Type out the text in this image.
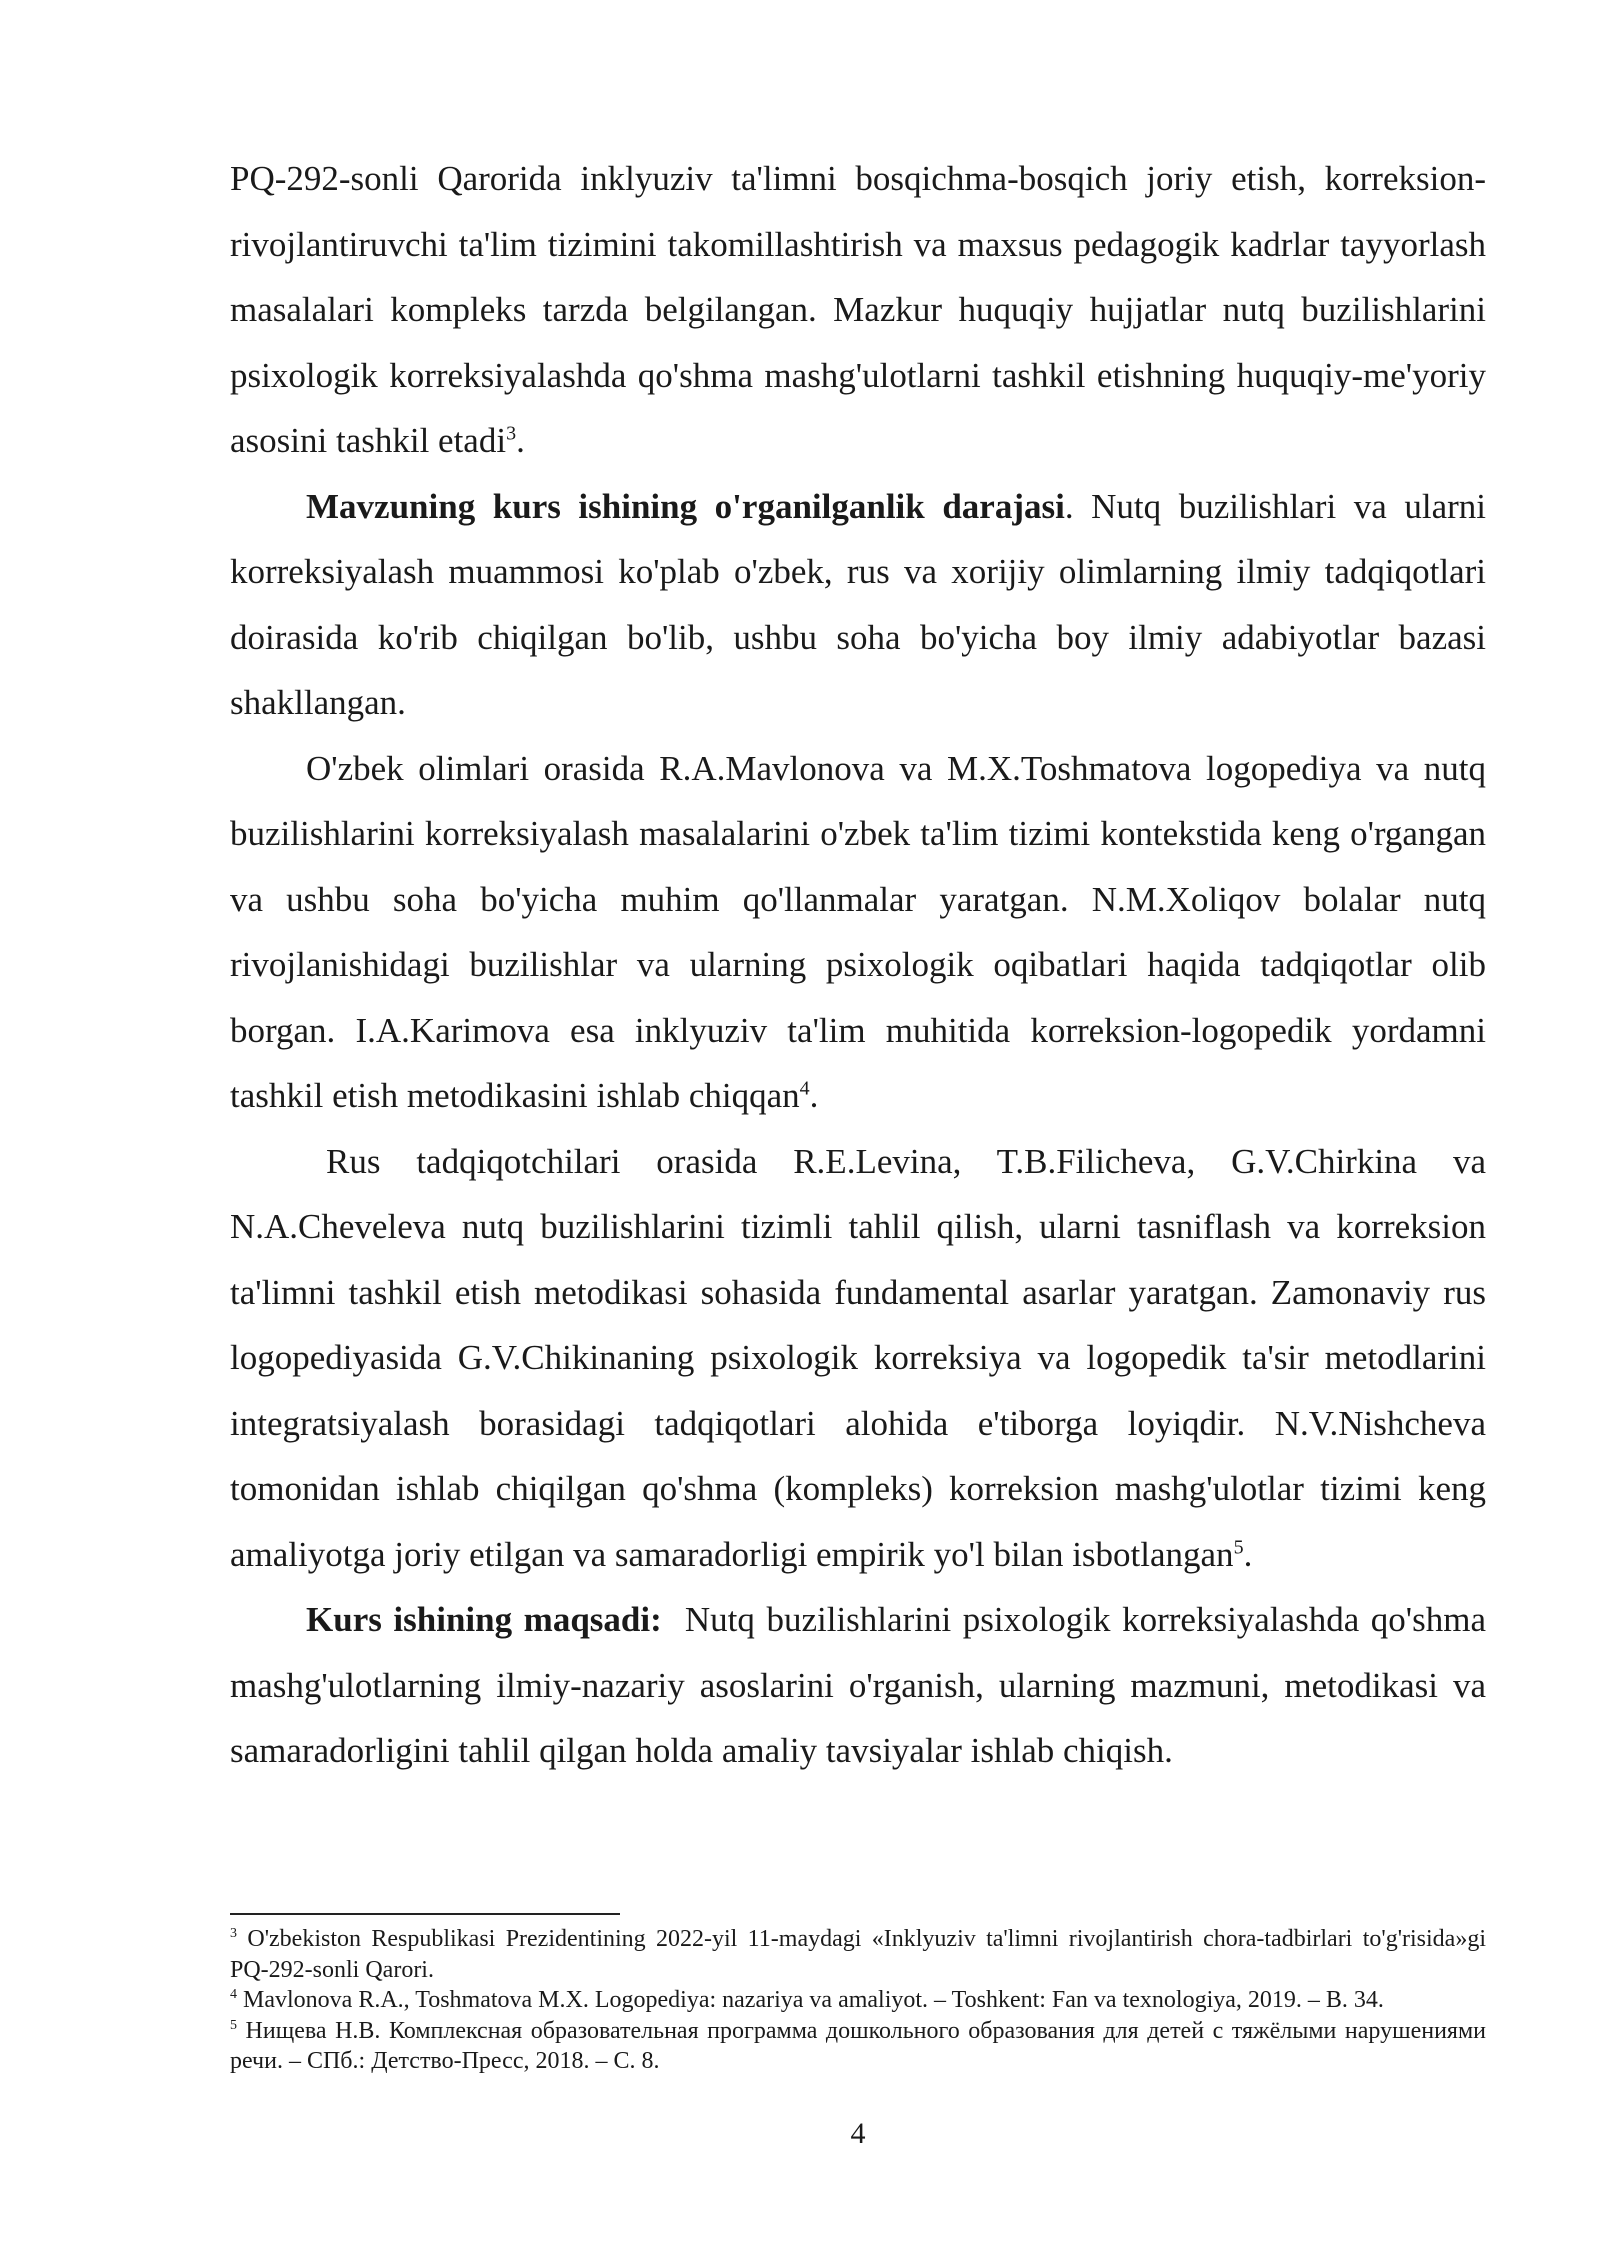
PQ-292-sonli Qarorida inklyuziv ta'limni bosqichma-bosqich joriy etish, korreksion-rivojlantiruvchi ta'lim tizimini takomillashtirish va maxsus pedagogik kadrlar tayyorlash masalalari kompleks tarzda belgilangan. Mazkur huquqiy hujjatlar nutq buzilishlarini psixologik korreksiyalashda qo'shma mashg'ulotlarni tashkil etishning huquqiy-me'yoriy asosini tashkil etadi$^3$.

Mavzuning kurs ishining o'rganilganlik darajasi. Nutq buzilishlari va ularni korreksiyalash muammosi ko'plab o'zbek, rus va xorijiy olimlarning ilmiy tadqiqotlari doirasida ko'rib chiqilgan bo'lib, ushbu soha bo'yicha boy ilmiy adabiyotlar bazasi shakllangan.

O'zbek olimlari orasida R.A.Mavlonova va M.X.Toshmatova logopediya va nutq buzilishlarini korreksiyalash masalalarini o'zbek ta'lim tizimi kontekstida keng o'rgangan va ushbu soha bo'yicha muhim qo'llanmalar yaratgan. N.M.Xoliqov bolalar nutq rivojlanishidagi buzilishlar va ularning psixologik oqibatlari haqida tadqiqotlar olib borgan. I.A.Karimova esa inklyuziv ta'lim muhitida korreksion-logopedik yordamni tashkil etish metodikasini ishlab chiqqan$^4$.

Rus tadqiqotchilari orasida R.E.Levina, T.B.Filicheva, G.V.Chirkina va N.A.Cheveleva nutq buzilishlarini tizimli tahlil qilish, ularni tasniflash va korreksion ta'limni tashkil etish metodikasi sohasida fundamental asarlar yaratgan. Zamonaviy rus logopediyasida G.V.Chikinaning psixologik korreksiya va logopedik ta'sir metodlarini integratsiyalash borasidagi tadqiqotlari alohida e'tiborga loyiqdir. N.V.Nishcheva tomonidan ishlab chiqilgan qo'shma (kompleks) korreksion mashg'ulotlar tizimi keng amaliyotga joriy etilgan va samaradorligi empirik yo'l bilan isbotlangan$^5$.

Kurs ishining maqsadi: Nutq buzilishlarini psixologik korreksiyalashda qo'shma mashg'ulotlarning ilmiy-nazariy asoslarini o'rganish, ularning mazmuni, metodikasi va samaradorligini tahlil qilgan holda amaliy tavsiyalar ishlab chiqish.

$^3$ O'zbekiston Respublikasi Prezidentining 2022-yil 11-maydagi «Inklyuziv ta'limni rivojlantirish chora-tadbirlari to'g'risida»gi PQ-292-sonli Qarori.

$^4$ Mavlonova R.A., Toshmatova M.X. Logopediya: nazariya va amaliyot. – Toshkent: Fan va texnologiya, 2019. – B. 34.

$^5$ Нищева Н.В. Комплексная образовательная программа дошкольного образования для детей с тяжёлыми нарушениями речи. – СПб.: Детство-Пресс, 2018. – С. 8.

4
